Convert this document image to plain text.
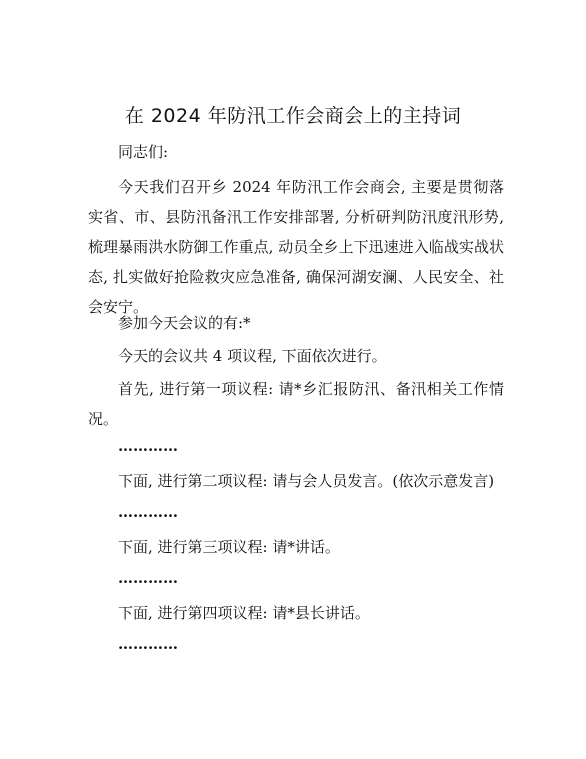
在 2024 年防汛工作会商会上的主持词

同志们:

今天我们召开乡 2024 年防汛工作会商会, 主要是贯彻落实省、市、县防汛备汛工作安排部署, 分析研判防汛度汛形势, 梳理暴雨洪水防御工作重点, 动员全乡上下迅速进入临战实战状态, 扎实做好抢险救灾应急准备, 确保河湖安澜、人民安全、社会安宁。

参加今天会议的有:*

今天的会议共 4 项议程, 下面依次进行。

首先, 进行第一项议程: 请*乡汇报防汛、备汛相关工作情况。

…………

下面, 进行第二项议程: 请与会人员发言。(依次示意发言)

…………

下面, 进行第三项议程: 请*讲话。

…………

下面, 进行第四项议程: 请*县长讲话。

…………
